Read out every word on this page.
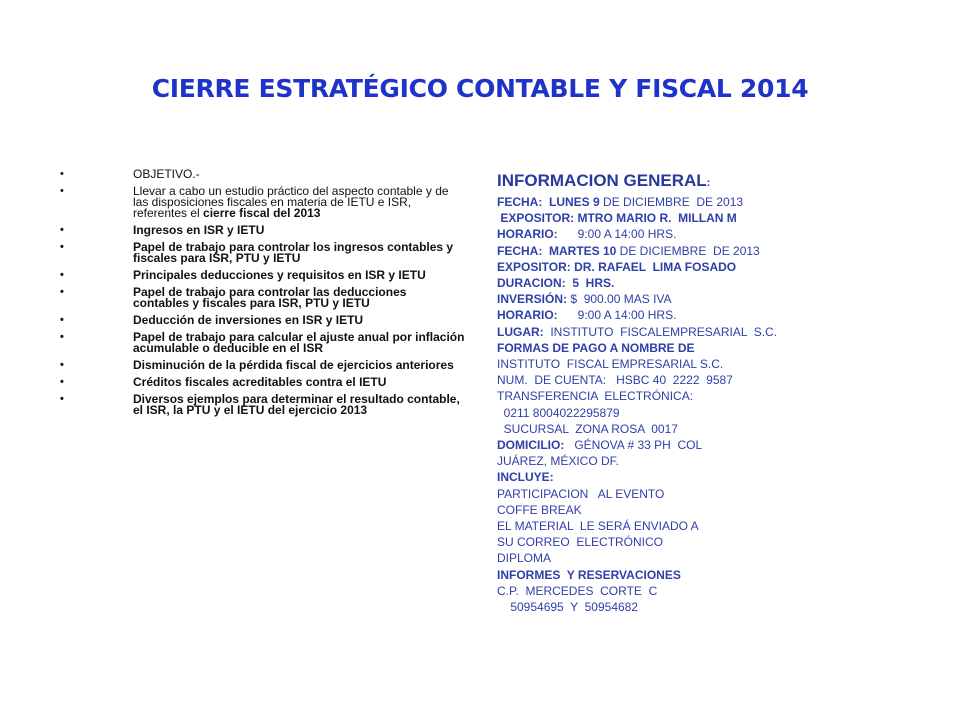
CIERRE ESTRATÉGICO CONTABLE Y FISCAL 2014
•	OBJETIVO.-
•	Llevar a cabo un estudio práctico del aspecto contable y de las disposiciones fiscales en materia de IETU e ISR, referentes el cierre fiscal del 2013
•	Ingresos en ISR y IETU
•	Papel de trabajo para controlar los ingresos contables y fiscales para ISR, PTU y IETU
•	Principales deducciones y requisitos en ISR y IETU
•	Papel de trabajo para controlar las deducciones contables y fiscales para ISR, PTU y IETU
•	Deducción de inversiones en ISR y IETU
•	Papel de trabajo para calcular el ajuste anual por inflación acumulable o deducible en el ISR
•	Disminución de la pérdida fiscal de ejercicios anteriores
•	Créditos fiscales acreditables contra el IETU
•	Diversos ejemplos para determinar el resultado contable, el ISR, la PTU y el IETU del ejercicio 2013
INFORMACION GENERAL:
FECHA:  LUNES 9 DE DICIEMBRE  DE 2013
EXPOSITOR: MTRO MARIO R.  MILLAN M
HORARIO:      9:00 A 14:00 HRS.
FECHA:  MARTES 10 DE DICIEMBRE  DE 2013
EXPOSITOR: DR. RAFAEL  LIMA FOSADO
DURACION:  5  HRS.
INVERSIÓN: $  900.00 MAS IVA
HORARIO:      9:00 A 14:00 HRS.
LUGAR:  INSTITUTO  FISCALEMPRESARIAL  S.C.
FORMAS DE PAGO A NOMBRE DE
INSTITUTO  FISCAL EMPRESARIAL S.C.
NUM.  DE CUENTA:   HSBC 40  2222  9587
TRANSFERENCIA  ELECTRÓNICA:
0211 8004022295879
SUCURSAL  ZONA ROSA  0017
DOMICILIO:   GÉNOVA # 33 PH  COL
JUÁREZ, MÉXICO DF.
INCLUYE:
PARTICIPACION   AL EVENTO
COFFE BREAK
EL MATERIAL  LE SERÁ ENVIADO A
SU CORREO  ELECTRÓNICO
DIPLOMA
INFORMES  Y RESERVACIONES
C.P.  MERCEDES  CORTE  C
50954695  Y  50954682
